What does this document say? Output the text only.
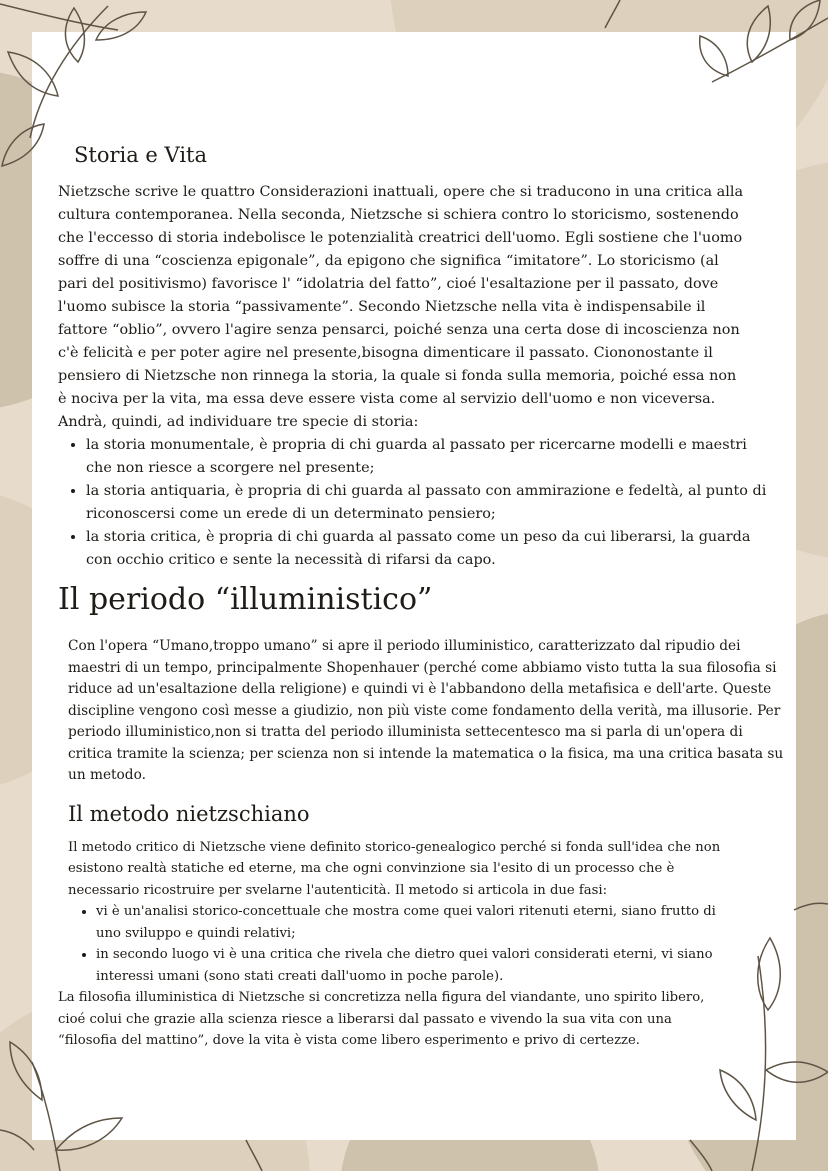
Storia e Vita

Nietzsche scrive le quattro Considerazioni inattuali, opere che si traducono in una critica alla cultura contemporanea. Nella seconda, Nietzsche si schiera contro lo storicismo, sostenendo che l'eccesso di storia indebolisce le potenzialità creatrici dell'uomo. Egli sostiene che l'uomo soffre di una “coscienza epigonale”, da epigono che significa “imitatore”. Lo storicismo (al pari del positivismo) favorisce l' “idolatria del fatto”, cioé l'esaltazione per il passato, dove l'uomo subisce la storia “passivamente”. Secondo Nietzsche nella vita è indispensabile il fattore “oblio”, ovvero l'agire senza pensarci, poiché senza una certa dose di incoscienza non c'è felicità e per poter agire nel presente,bisogna dimenticare il passato. Ciononostante il pensiero di Nietzsche non rinnega la storia, la quale si fonda sulla memoria, poiché essa non è nociva per la vita, ma essa deve essere vista come al servizio dell'uomo e non viceversa. Andrà, quindi, ad individuare tre specie di storia:

• la storia monumentale, è propria di chi guarda al passato per ricercarne modelli e maestri che non riesce a scorgere nel presente;
• la storia antiquaria, è propria di chi guarda al passato con ammirazione e fedeltà, al punto di riconoscersi come un erede di un determinato pensiero;
• la storia critica, è propria di chi guarda al passato come un peso da cui liberarsi, la guarda con occhio critico e sente la necessità di rifarsi da capo.
Il periodo “illuministico”

Con l'opera “Umano,troppo umano” si apre il periodo illuministico, caratterizzato dal ripudio dei maestri di un tempo, principalmente Shopenhauer (perché come abbiamo visto tutta la sua filosofia si riduce ad un'esaltazione della religione) e quindi vi è l'abbandono della metafisica e dell'arte. Queste discipline vengono così messe a giudizio, non più viste come fondamento della verità, ma illusorie. Per periodo illuministico,non si tratta del periodo illuminista settecentesco ma si parla di un'opera di critica tramite la scienza; per scienza non si intende la matematica o la fisica, ma una critica basata su un metodo.

Il metodo nietzschiano

Il metodo critico di Nietzsche viene definito storico-genealogico perché si fonda sull'idea che non esistono realtà statiche ed eterne, ma che ogni convinzione sia l'esito di un processo che è necessario ricostruire per svelarne l'autenticità. Il metodo si articola in due fasi:

• vi è un'analisi storico-concettuale che mostra come quei valori ritenuti eterni, siano frutto di uno sviluppo e quindi relativi;
• in secondo luogo vi è una critica che rivela che dietro quei valori considerati eterni, vi siano interessi umani (sono stati creati dall'uomo in poche parole).

La filosofia illuministica di Nietzsche si concretizza nella figura del viandante, uno spirito libero, cioé colui che grazie alla scienza riesce a liberarsi dal passato e vivendo la sua vita con una “filosofia del mattino”, dove la vita è vista come libero esperimento e privo di certezze.
